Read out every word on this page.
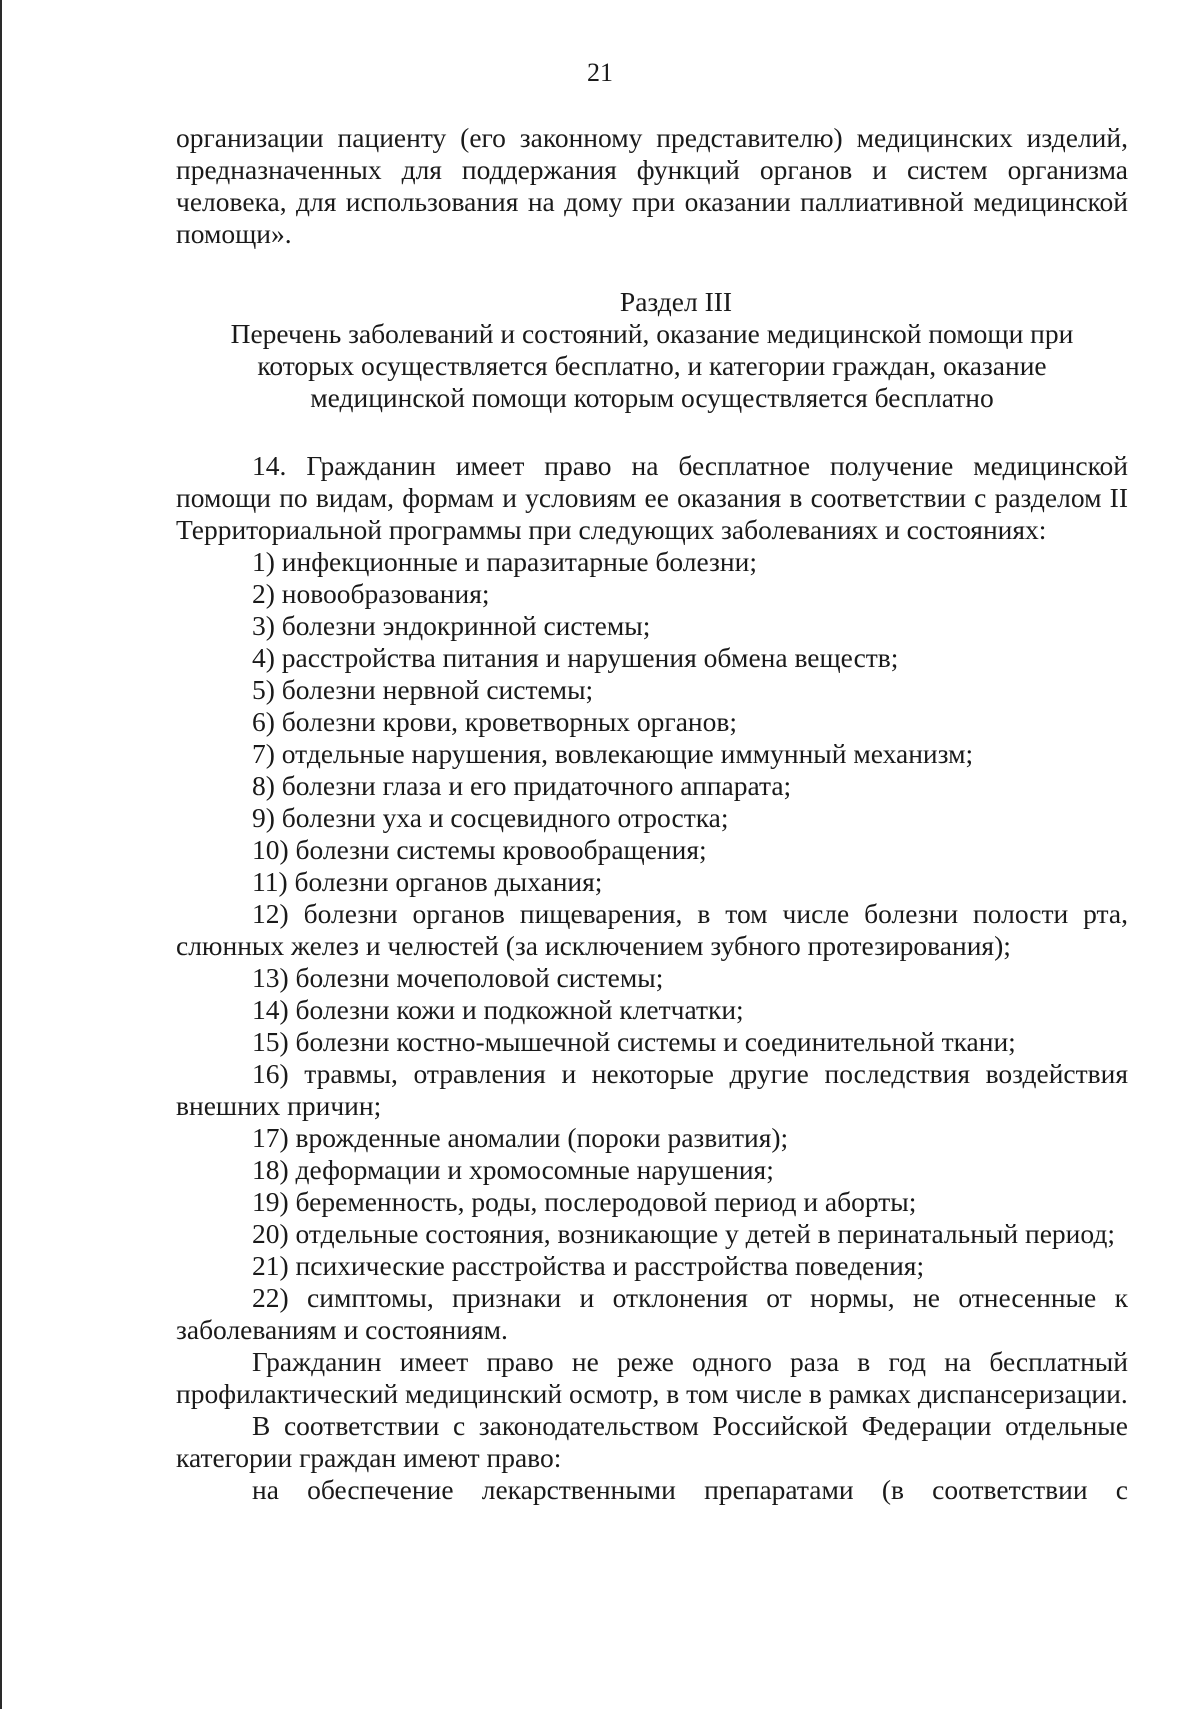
21

организации пациенту (его законному представителю) медицинских изделий, предназначенных для поддержания функций органов и систем организма человека, для использования на дому при оказании паллиативной медицинской помощи».

Раздел III

Перечень заболеваний и состояний, оказание медицинской помощи при

которых осуществляется бесплатно, и категории граждан, оказание

медицинской помощи которым осуществляется бесплатно

14. Гражданин имеет право на бесплатное получение медицинской помощи по видам, формам и условиям ее оказания в соответствии с разделом II Территориальной программы при следующих заболеваниях и состояниях:

1) инфекционные и паразитарные болезни;

2) новообразования;

3) болезни эндокринной системы;

4) расстройства питания и нарушения обмена веществ;

5) болезни нервной системы;

6) болезни крови, кроветворных органов;

7) отдельные нарушения, вовлекающие иммунный механизм;

8) болезни глаза и его придаточного аппарата;

9) болезни уха и сосцевидного отростка;

10) болезни системы кровообращения;

11) болезни органов дыхания;

12) болезни органов пищеварения, в том числе болезни полости рта, слюнных желез и челюстей (за исключением зубного протезирования);

13) болезни мочеполовой системы;

14) болезни кожи и подкожной клетчатки;

15) болезни костно-мышечной системы и соединительной ткани;

16) травмы, отравления и некоторые другие последствия воздействия внешних причин;

17) врожденные аномалии (пороки развития);

18) деформации и хромосомные нарушения;

19) беременность, роды, послеродовой период и аборты;

20) отдельные состояния, возникающие у детей в перинатальный период;

21) психические расстройства и расстройства поведения;

22) симптомы, признаки и отклонения от нормы, не отнесенные к заболеваниям и состояниям.

Гражданин имеет право не реже одного раза в год на бесплатный профилактический медицинский осмотр, в том числе в рамках диспансеризации.

В соответствии с законодательством Российской Федерации отдельные категории граждан имеют право:

на обеспечение лекарственными препаратами (в соответствии с
